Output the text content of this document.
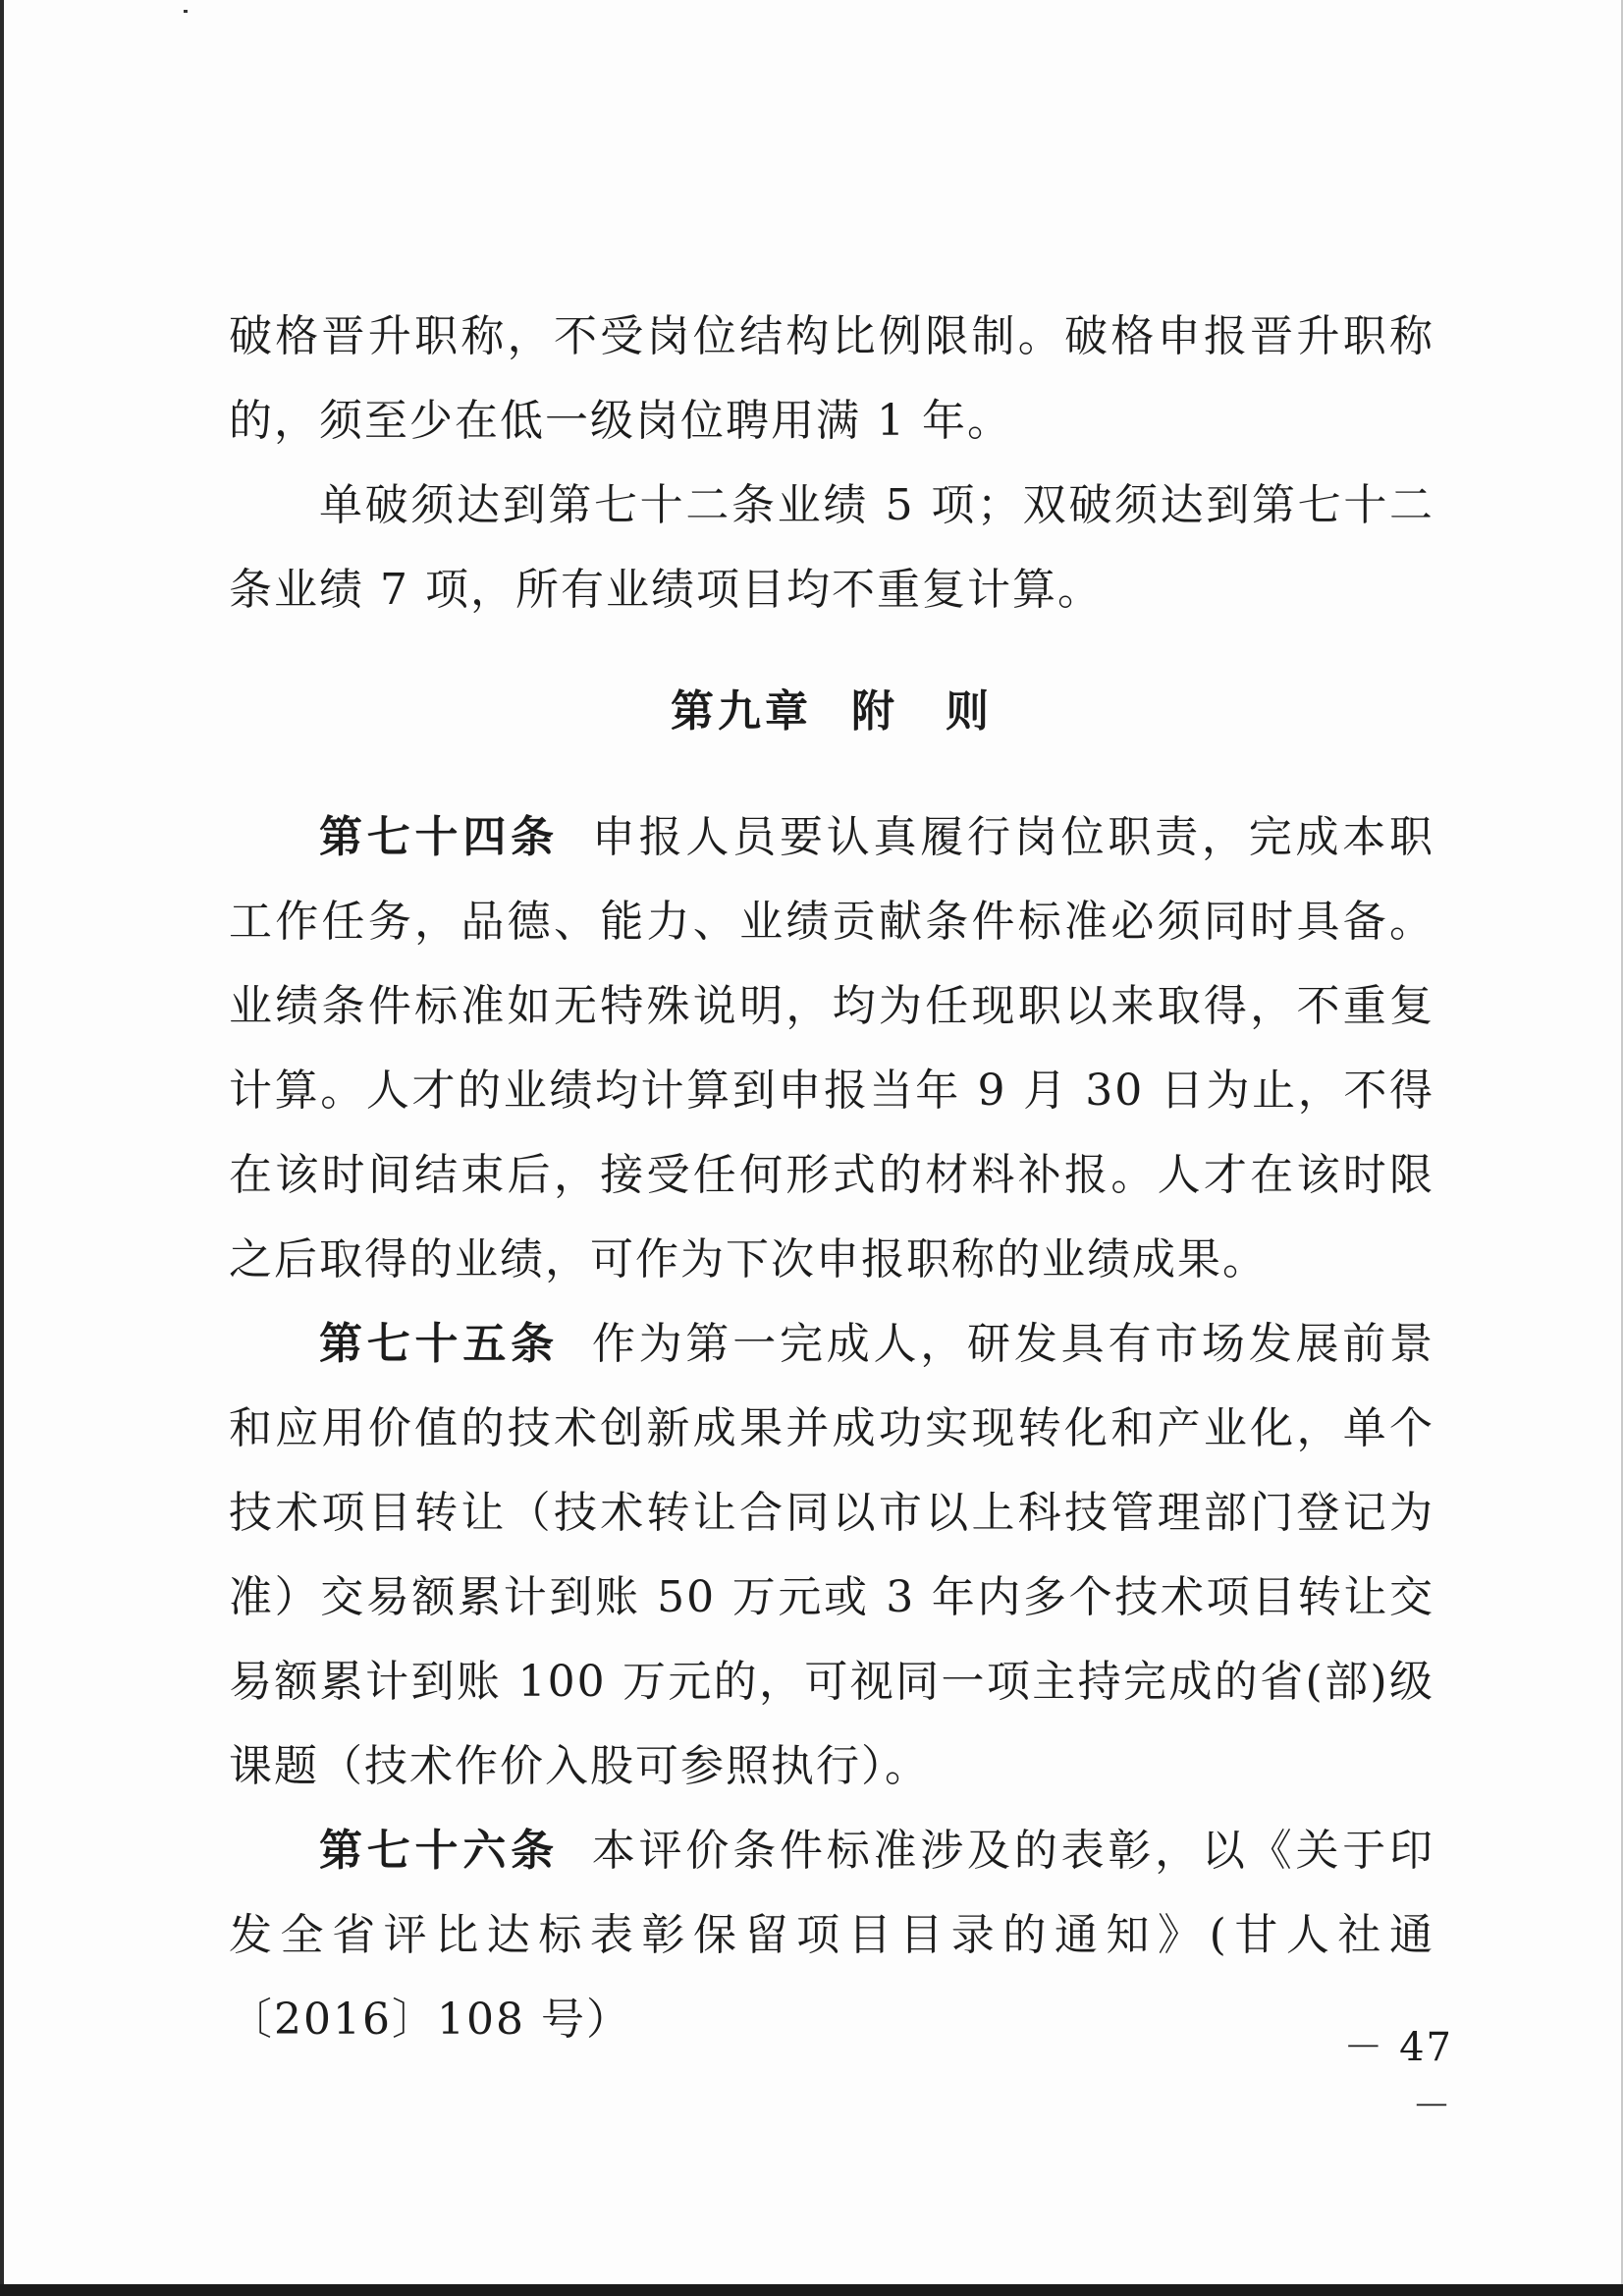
破格晋升职称，不受岗位结构比例限制。破格申报晋升职称的，须至少在低一级岗位聘用满 1 年。

单破须达到第七十二条业绩 5 项；双破须达到第七十二条业绩 7 项，所有业绩项目均不重复计算。

第九章 附　则

第七十四条 申报人员要认真履行岗位职责，完成本职工作任务，品德、能力、业绩贡献条件标准必须同时具备。业绩条件标准如无特殊说明，均为任现职以来取得，不重复计算。人才的业绩均计算到申报当年 9 月 30 日为止，不得在该时间结束后，接受任何形式的材料补报。人才在该时限之后取得的业绩，可作为下次申报职称的业绩成果。

第七十五条 作为第一完成人，研发具有市场发展前景和应用价值的技术创新成果并成功实现转化和产业化，单个技术项目转让（技术转让合同以市以上科技管理部门登记为准）交易额累计到账 50 万元或 3 年内多个技术项目转让交易额累计到账 100 万元的，可视同一项主持完成的省(部)级课题（技术作价入股可参照执行）。

第七十六条 本评价条件标准涉及的表彰，以《关于印发全省评比达标表彰保留项目目录的通知》(甘人社通〔2016〕108 号）

－ 47 －
